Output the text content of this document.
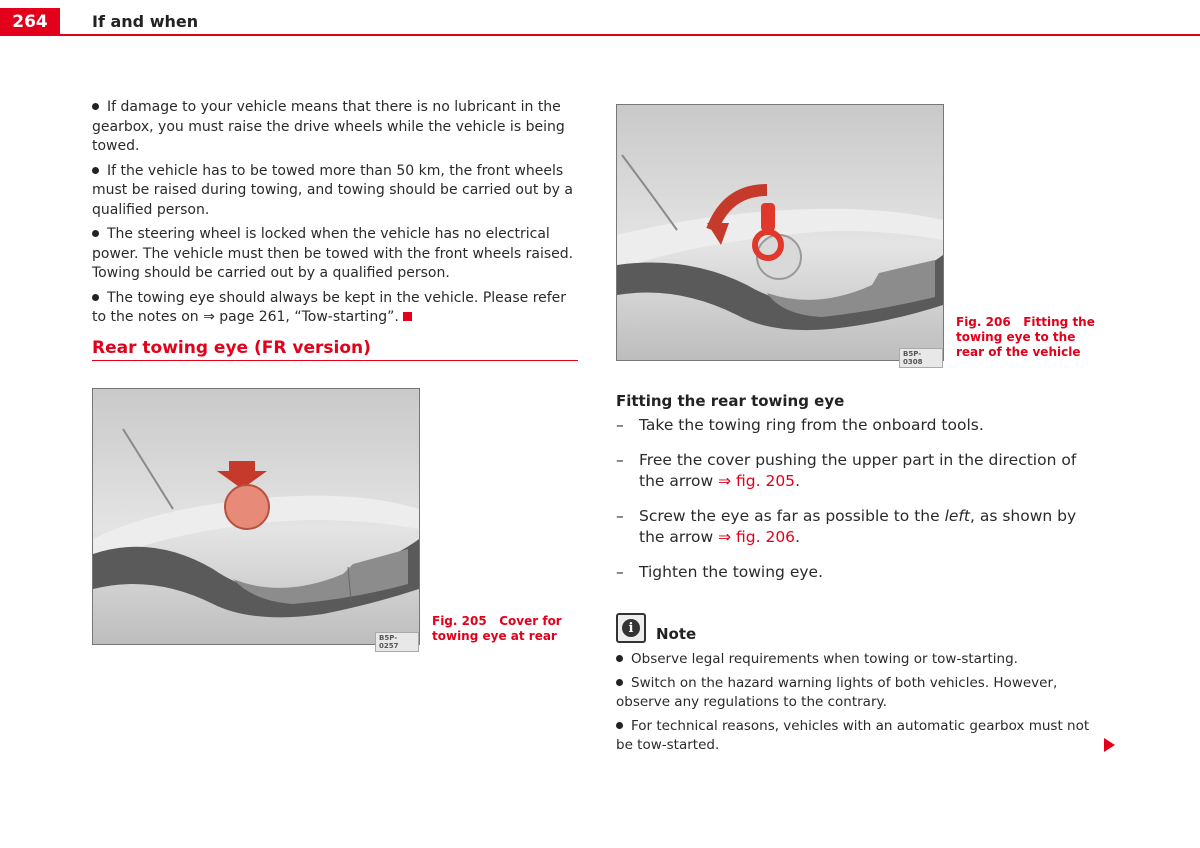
264	If and when

If damage to your vehicle means that there is no lubricant in the gearbox, you must raise the drive wheels while the vehicle is being towed.

If the vehicle has to be towed more than 50 km, the front wheels must be raised during towing, and towing should be carried out by a qualified person.

The steering wheel is locked when the vehicle has no electrical power. The vehicle must then be towed with the front wheels raised. Towing should be carried out by a qualified person.

The towing eye should always be kept in the vehicle. Please refer to the notes on ⇒ page 261, “Tow-starting”.

Rear towing eye (FR version)
B5P-0257
Fig. 205 Cover for towing eye at rear
B5P-0308
Fig. 206 Fitting the towing eye to the rear of the vehicle
Fitting the rear towing eye
– Take the towing ring from the onboard tools.
– Free the cover pushing the upper part in the direction of the arrow ⇒ fig. 205.
– Screw the eye as far as possible to the left, as shown by the arrow ⇒ fig. 206.
– Tighten the towing eye.
i	Note

Observe legal requirements when towing or tow-starting.

Switch on the hazard warning lights of both vehicles. However, observe any regulations to the contrary.

For technical reasons, vehicles with an automatic gearbox must not be tow-started.
